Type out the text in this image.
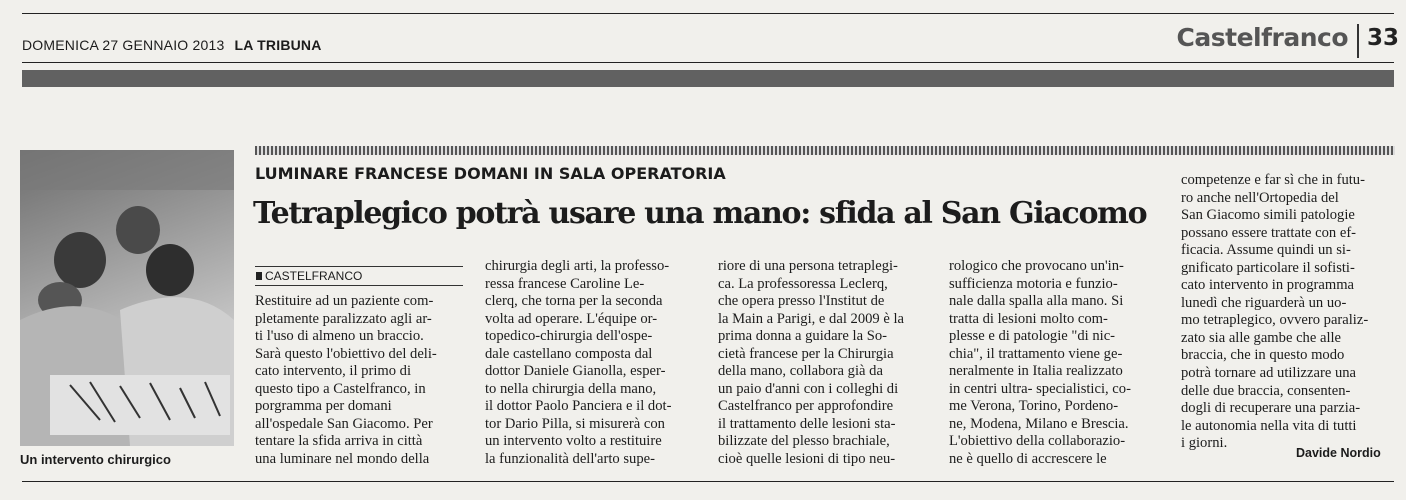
DOMENICA 27 GENNAIO 2013 LA TRIBUNA	Castelfranco 33
Un intervento chirurgico
LUMINARE FRANCESE DOMANI IN SALA OPERATORIA
Tetraplegico potrà usare una mano: sfida al San Giacomo
CASTELFRANCO
Restituire ad un paziente com-
pletamente paralizzato agli ar-
ti l'uso di almeno un braccio.
Sarà questo l'obiettivo del deli-
cato intervento, il primo di
questo tipo a Castelfranco, in
porgramma per domani
all'ospedale San Giacomo. Per
tentare la sfida arriva in città
una luminare nel mondo della
chirurgia degli arti, la professo-
ressa francese Caroline Le-
clerq, che torna per la seconda
volta ad operare. L'équipe or-
topedico-chirurgia dell'ospe-
dale castellano composta dal
dottor Daniele Gianolla, esper-
to nella chirurgia della mano,
il dottor Paolo Panciera e il dot-
tor Dario Pilla, si misurerà con
un intervento volto a restituire
la funzionalità dell'arto supe-
riore di una persona tetraplegi-
ca. La professoressa Leclerq,
che opera presso l'Institut de
la Main a Parigi, e dal 2009 è la
prima donna a guidare la So-
cietà francese per la Chirurgia
della mano, collabora già da
un paio d'anni con i colleghi di
Castelfranco per approfondire
il trattamento delle lesioni sta-
bilizzate del plesso brachiale,
cioè quelle lesioni di tipo neu-
rologico che provocano un'in-
sufficienza motoria e funzio-
nale dalla spalla alla mano. Si
tratta di lesioni molto com-
plesse e di patologie "di nic-
chia", il trattamento viene ge-
neralmente in Italia realizzato
in centri ultra- specialistici, co-
me Verona, Torino, Pordeno-
ne, Modena, Milano e Brescia.
L'obiettivo della collaborazio-
ne è quello di accrescere le
competenze e far sì che in futu-
ro anche nell'Ortopedia del
San Giacomo simili patologie
possano essere trattate con ef-
ficacia. Assume quindi un si-
gnificato particolare il sofisti-
cato intervento in programma
lunedì che riguarderà un uo-
mo tetraplegico, ovvero paraliz-
zato sia alle gambe che alle
braccia, che in questo modo
potrà tornare ad utilizzare una
delle due braccia, consenten-
dogli di recuperare una parzia-
le autonomia nella vita di tutti
i giorni.
Davide Nordio
